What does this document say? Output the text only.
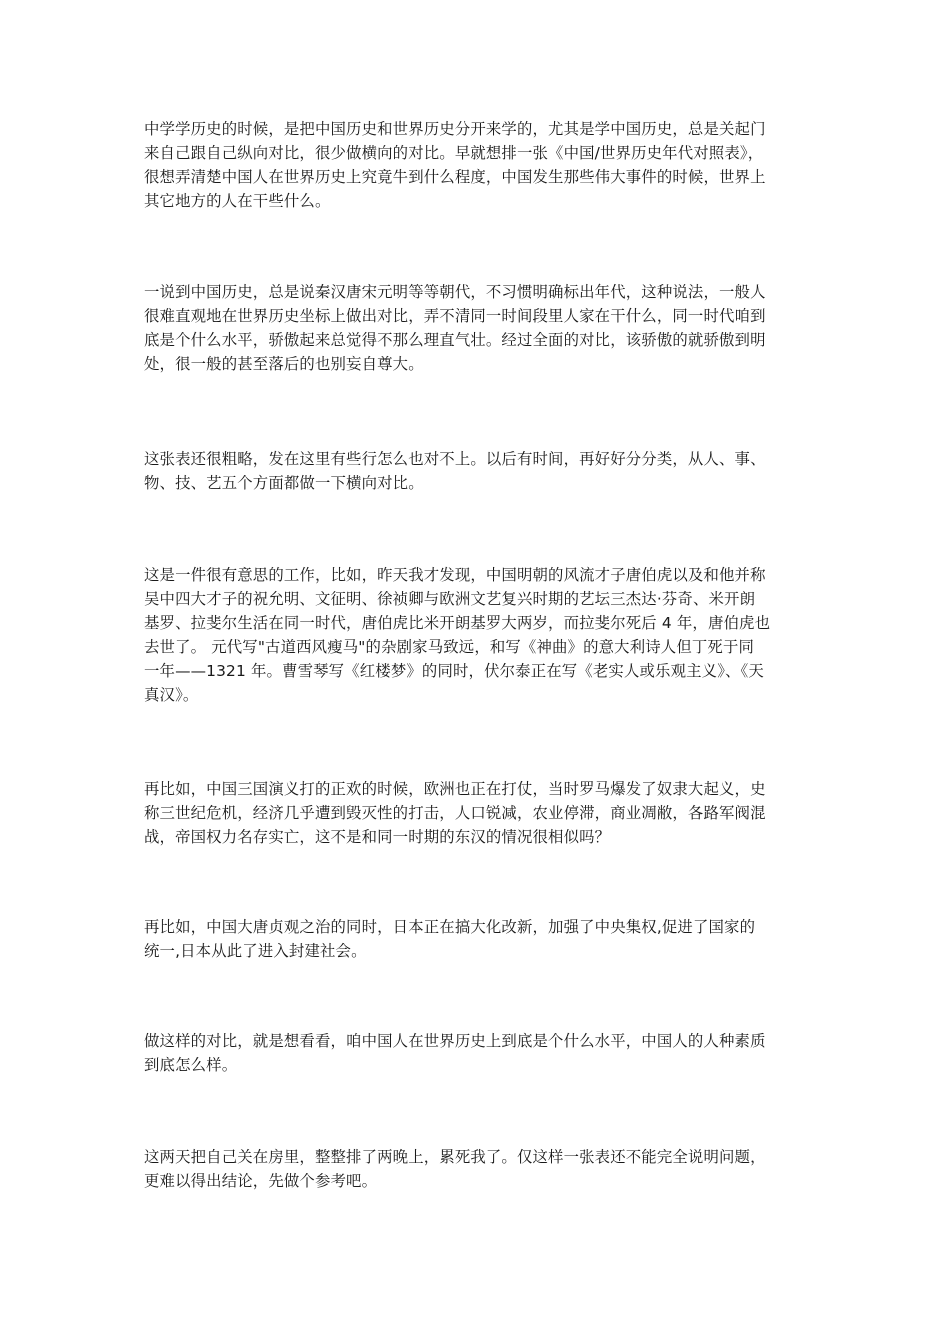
中学学历史的时候，是把中国历史和世界历史分开来学的，尤其是学中国历史，总是关起门
来自己跟自己纵向对比，很少做横向的对比。早就想排一张《中国/世界历史年代对照表》，
很想弄清楚中国人在世界历史上究竟牛到什么程度，中国发生那些伟大事件的时候，世界上
其它地方的人在干些什么。

一说到中国历史，总是说秦汉唐宋元明等等朝代，不习惯明确标出年代，这种说法，一般人
很难直观地在世界历史坐标上做出对比，弄不清同一时间段里人家在干什么，同一时代咱到
底是个什么水平，骄傲起来总觉得不那么理直气壮。经过全面的对比，该骄傲的就骄傲到明
处，很一般的甚至落后的也别妄自尊大。

这张表还很粗略，发在这里有些行怎么也对不上。以后有时间，再好好分分类，从人、事、
物、技、艺五个方面都做一下横向对比。

这是一件很有意思的工作，比如，昨天我才发现，中国明朝的风流才子唐伯虎以及和他并称
吴中四大才子的祝允明、文征明、徐祯卿与欧洲文艺复兴时期的艺坛三杰达·芬奇、米开朗
基罗、拉斐尔生活在同一时代，唐伯虎比米开朗基罗大两岁，而拉斐尔死后 4 年，唐伯虎也
去世了。 元代写"古道西风瘦马"的杂剧家马致远，和写《神曲》的意大利诗人但丁死于同
一年——1321 年。曹雪琴写《红楼梦》的同时，伏尔泰正在写《老实人或乐观主义》、《天
真汉》。

再比如，中国三国演义打的正欢的时候，欧洲也正在打仗，当时罗马爆发了奴隶大起义，史
称三世纪危机，经济几乎遭到毁灭性的打击，人口锐减，农业停滞，商业凋敝，各路军阀混
战，帝国权力名存实亡，这不是和同一时期的东汉的情况很相似吗？

再比如，中国大唐贞观之治的同时，日本正在搞大化改新，加强了中央集权,促进了国家的
统一,日本从此了进入封建社会。

做这样的对比，就是想看看，咱中国人在世界历史上到底是个什么水平，中国人的人种素质
到底怎么样。

这两天把自己关在房里，整整排了两晚上，累死我了。仅这样一张表还不能完全说明问题，
更难以得出结论，先做个参考吧。
